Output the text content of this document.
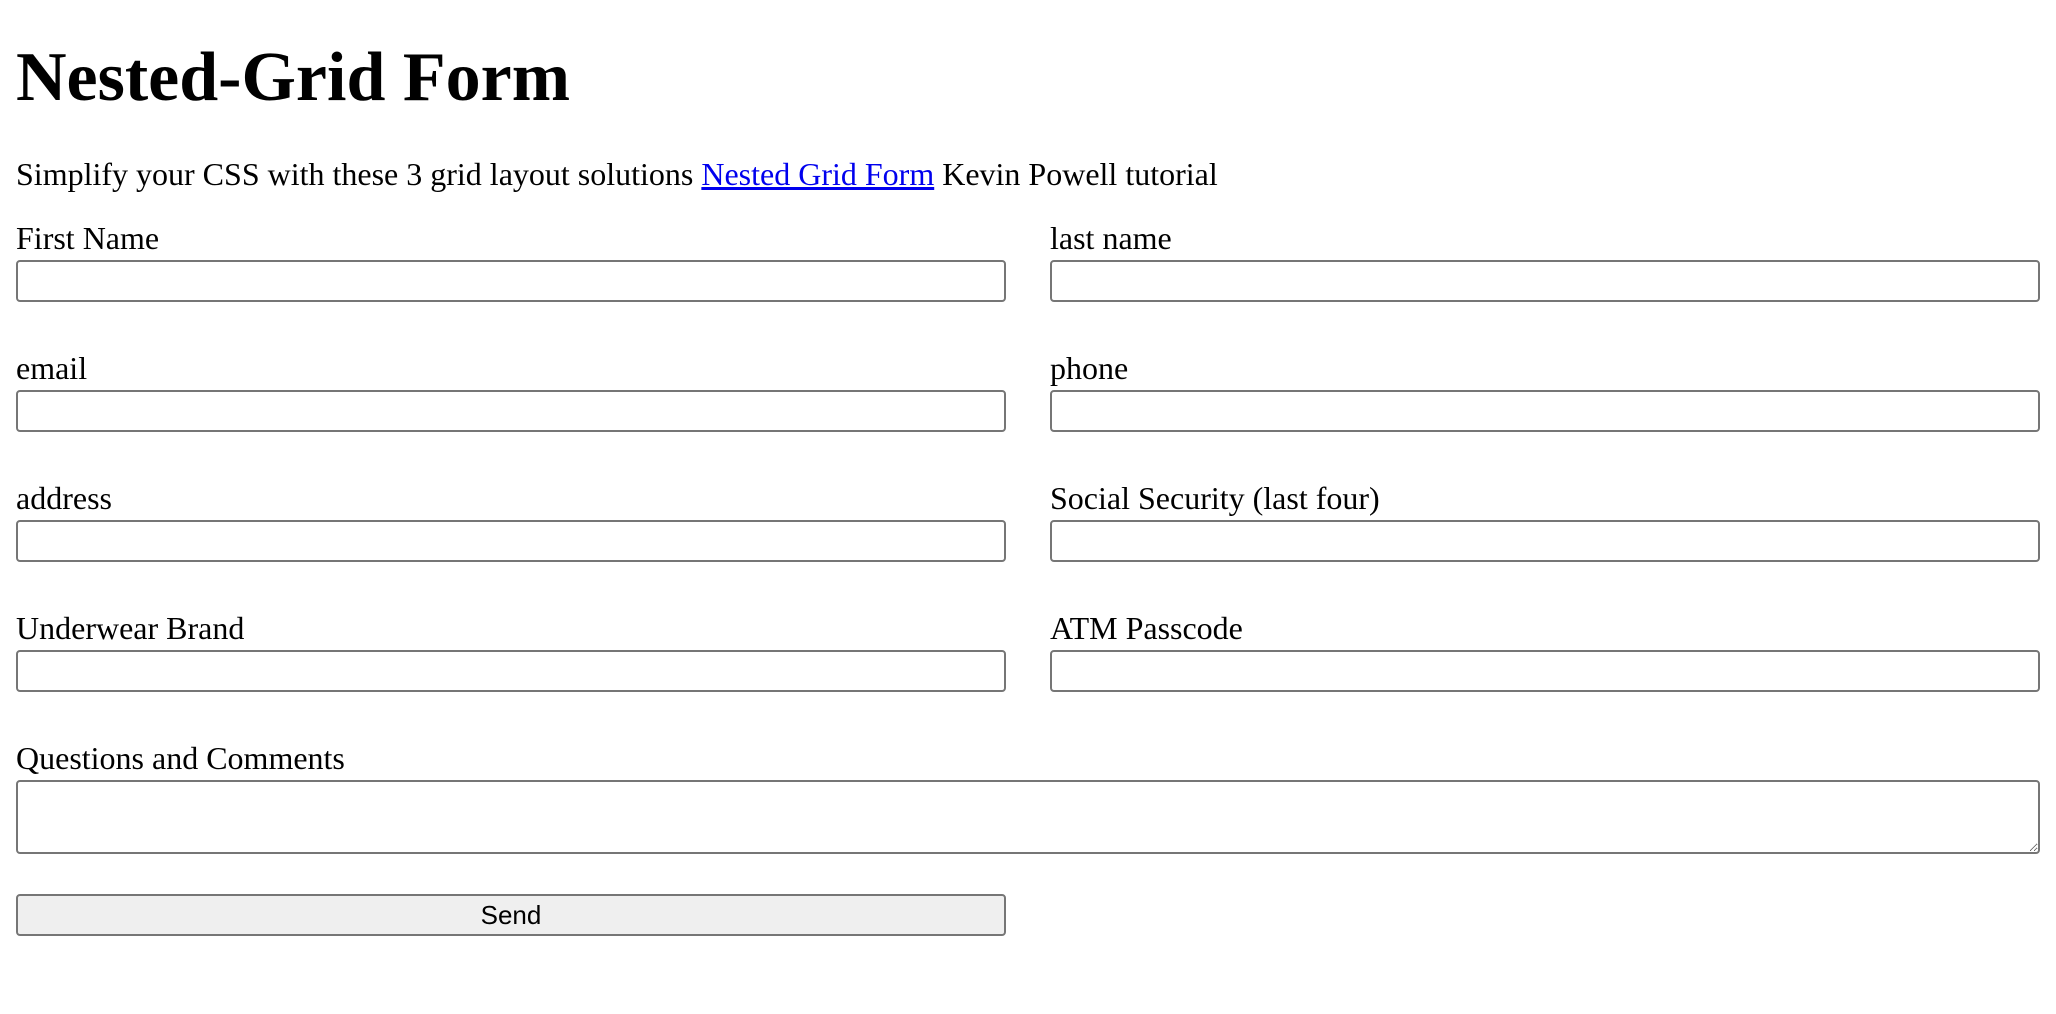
Nested-Grid Form

Simplify your CSS with these 3 grid layout solutions Nested Grid Form Kevin Powell tutorial

First Name	last name
email	phone
address	Social Security (last four)
Underwear Brand	ATM Passcode
Questions and Comments
Send
